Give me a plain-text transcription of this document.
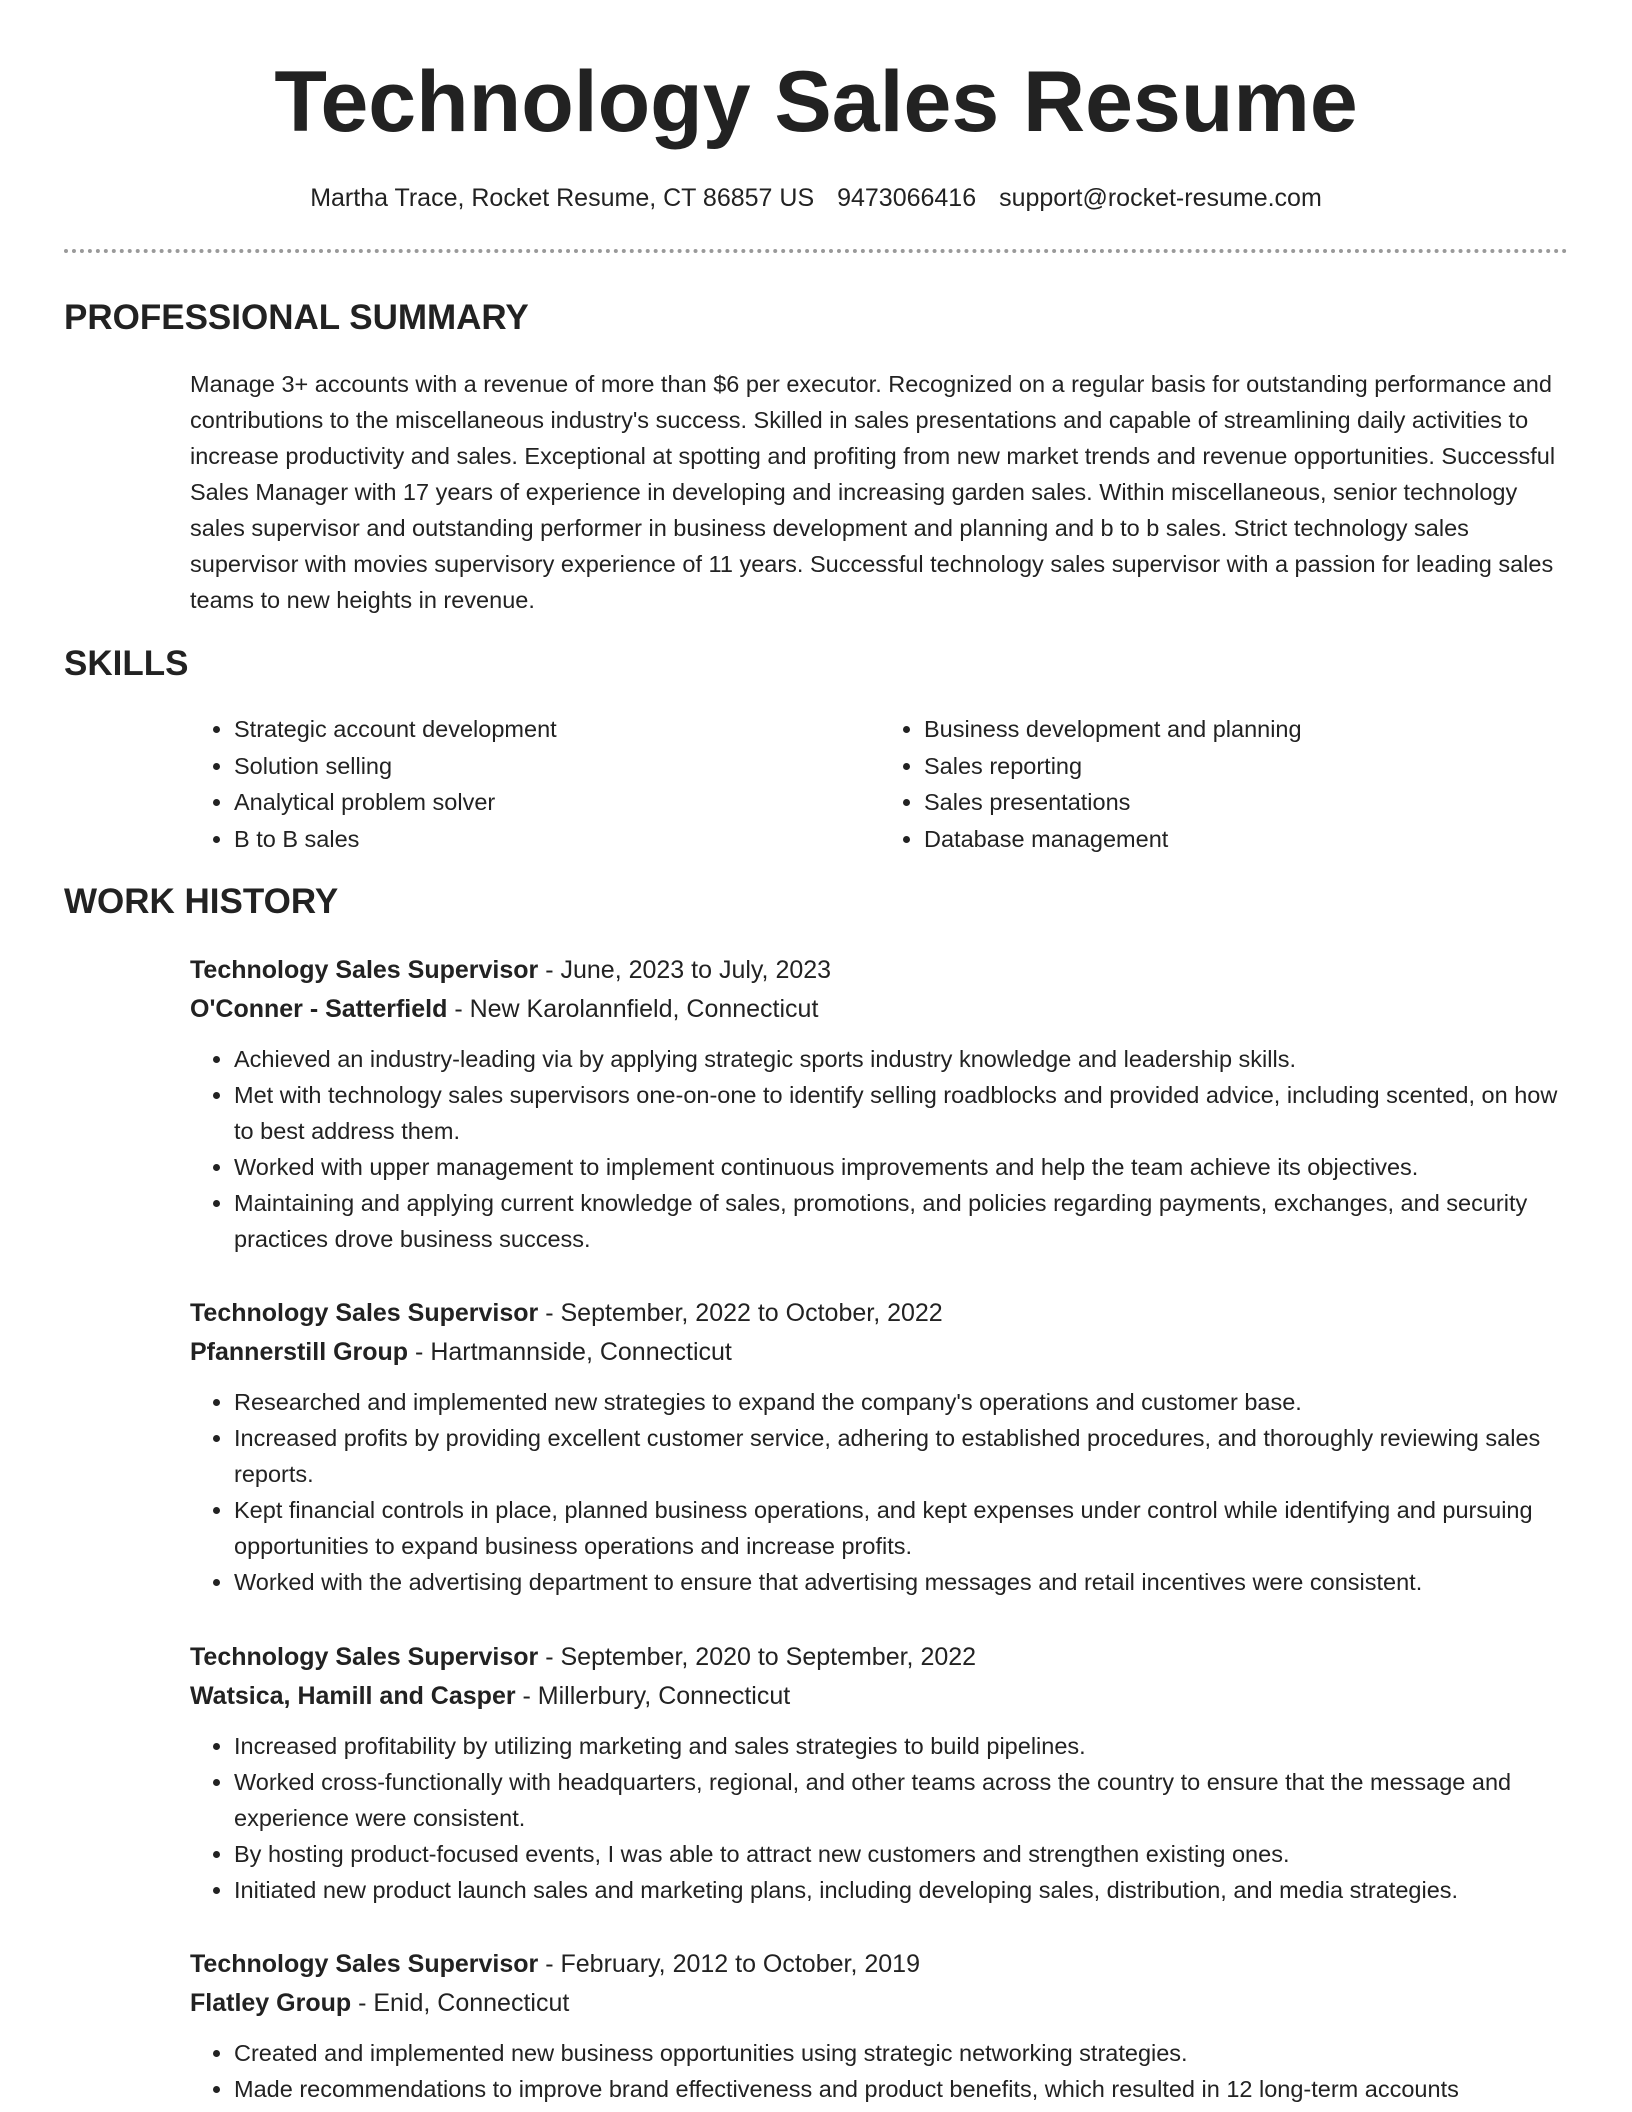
Technology Sales Resume
Martha Trace, Rocket Resume, CT 86857 US 9473066416 support@rocket-resume.com
PROFESSIONAL SUMMARY

Manage 3+ accounts with a revenue of more than $6 per executor. Recognized on a regular basis for outstanding performance and contributions to the miscellaneous industry's success. Skilled in sales presentations and capable of streamlining daily activities to increase productivity and sales. Exceptional at spotting and profiting from new market trends and revenue opportunities. Successful Sales Manager with 17 years of experience in developing and increasing garden sales. Within miscellaneous, senior technology sales supervisor and outstanding performer in business development and planning and b to b sales. Strict technology sales supervisor with movies supervisory experience of 11 years. Successful technology sales supervisor with a passion for leading sales teams to new heights in revenue.

SKILLS
• Strategic account development
• Solution selling
• Analytical problem solver
• B to B sales
• Business development and planning
• Sales reporting
• Sales presentations
• Database management
WORK HISTORY
Technology Sales Supervisor - June, 2023 to July, 2023
O'Conner - Satterfield - New Karolannfield, Connecticut
• Achieved an industry-leading via by applying strategic sports industry knowledge and leadership skills.
• Met with technology sales supervisors one-on-one to identify selling roadblocks and provided advice, including scented, on how to best address them.
• Worked with upper management to implement continuous improvements and help the team achieve its objectives.
• Maintaining and applying current knowledge of sales, promotions, and policies regarding payments, exchanges, and security practices drove business success.
Technology Sales Supervisor - September, 2022 to October, 2022
Pfannerstill Group - Hartmannside, Connecticut
• Researched and implemented new strategies to expand the company's operations and customer base.
• Increased profits by providing excellent customer service, adhering to established procedures, and thoroughly reviewing sales reports.
• Kept financial controls in place, planned business operations, and kept expenses under control while identifying and pursuing opportunities to expand business operations and increase profits.
• Worked with the advertising department to ensure that advertising messages and retail incentives were consistent.
Technology Sales Supervisor - September, 2020 to September, 2022
Watsica, Hamill and Casper - Millerbury, Connecticut
• Increased profitability by utilizing marketing and sales strategies to build pipelines.
• Worked cross-functionally with headquarters, regional, and other teams across the country to ensure that the message and experience were consistent.
• By hosting product-focused events, I was able to attract new customers and strengthen existing ones.
• Initiated new product launch sales and marketing plans, including developing sales, distribution, and media strategies.
Technology Sales Supervisor - February, 2012 to October, 2019
Flatley Group - Enid, Connecticut
• Created and implemented new business opportunities using strategic networking strategies.
• Made recommendations to improve brand effectiveness and product benefits, which resulted in 12 long-term accounts
